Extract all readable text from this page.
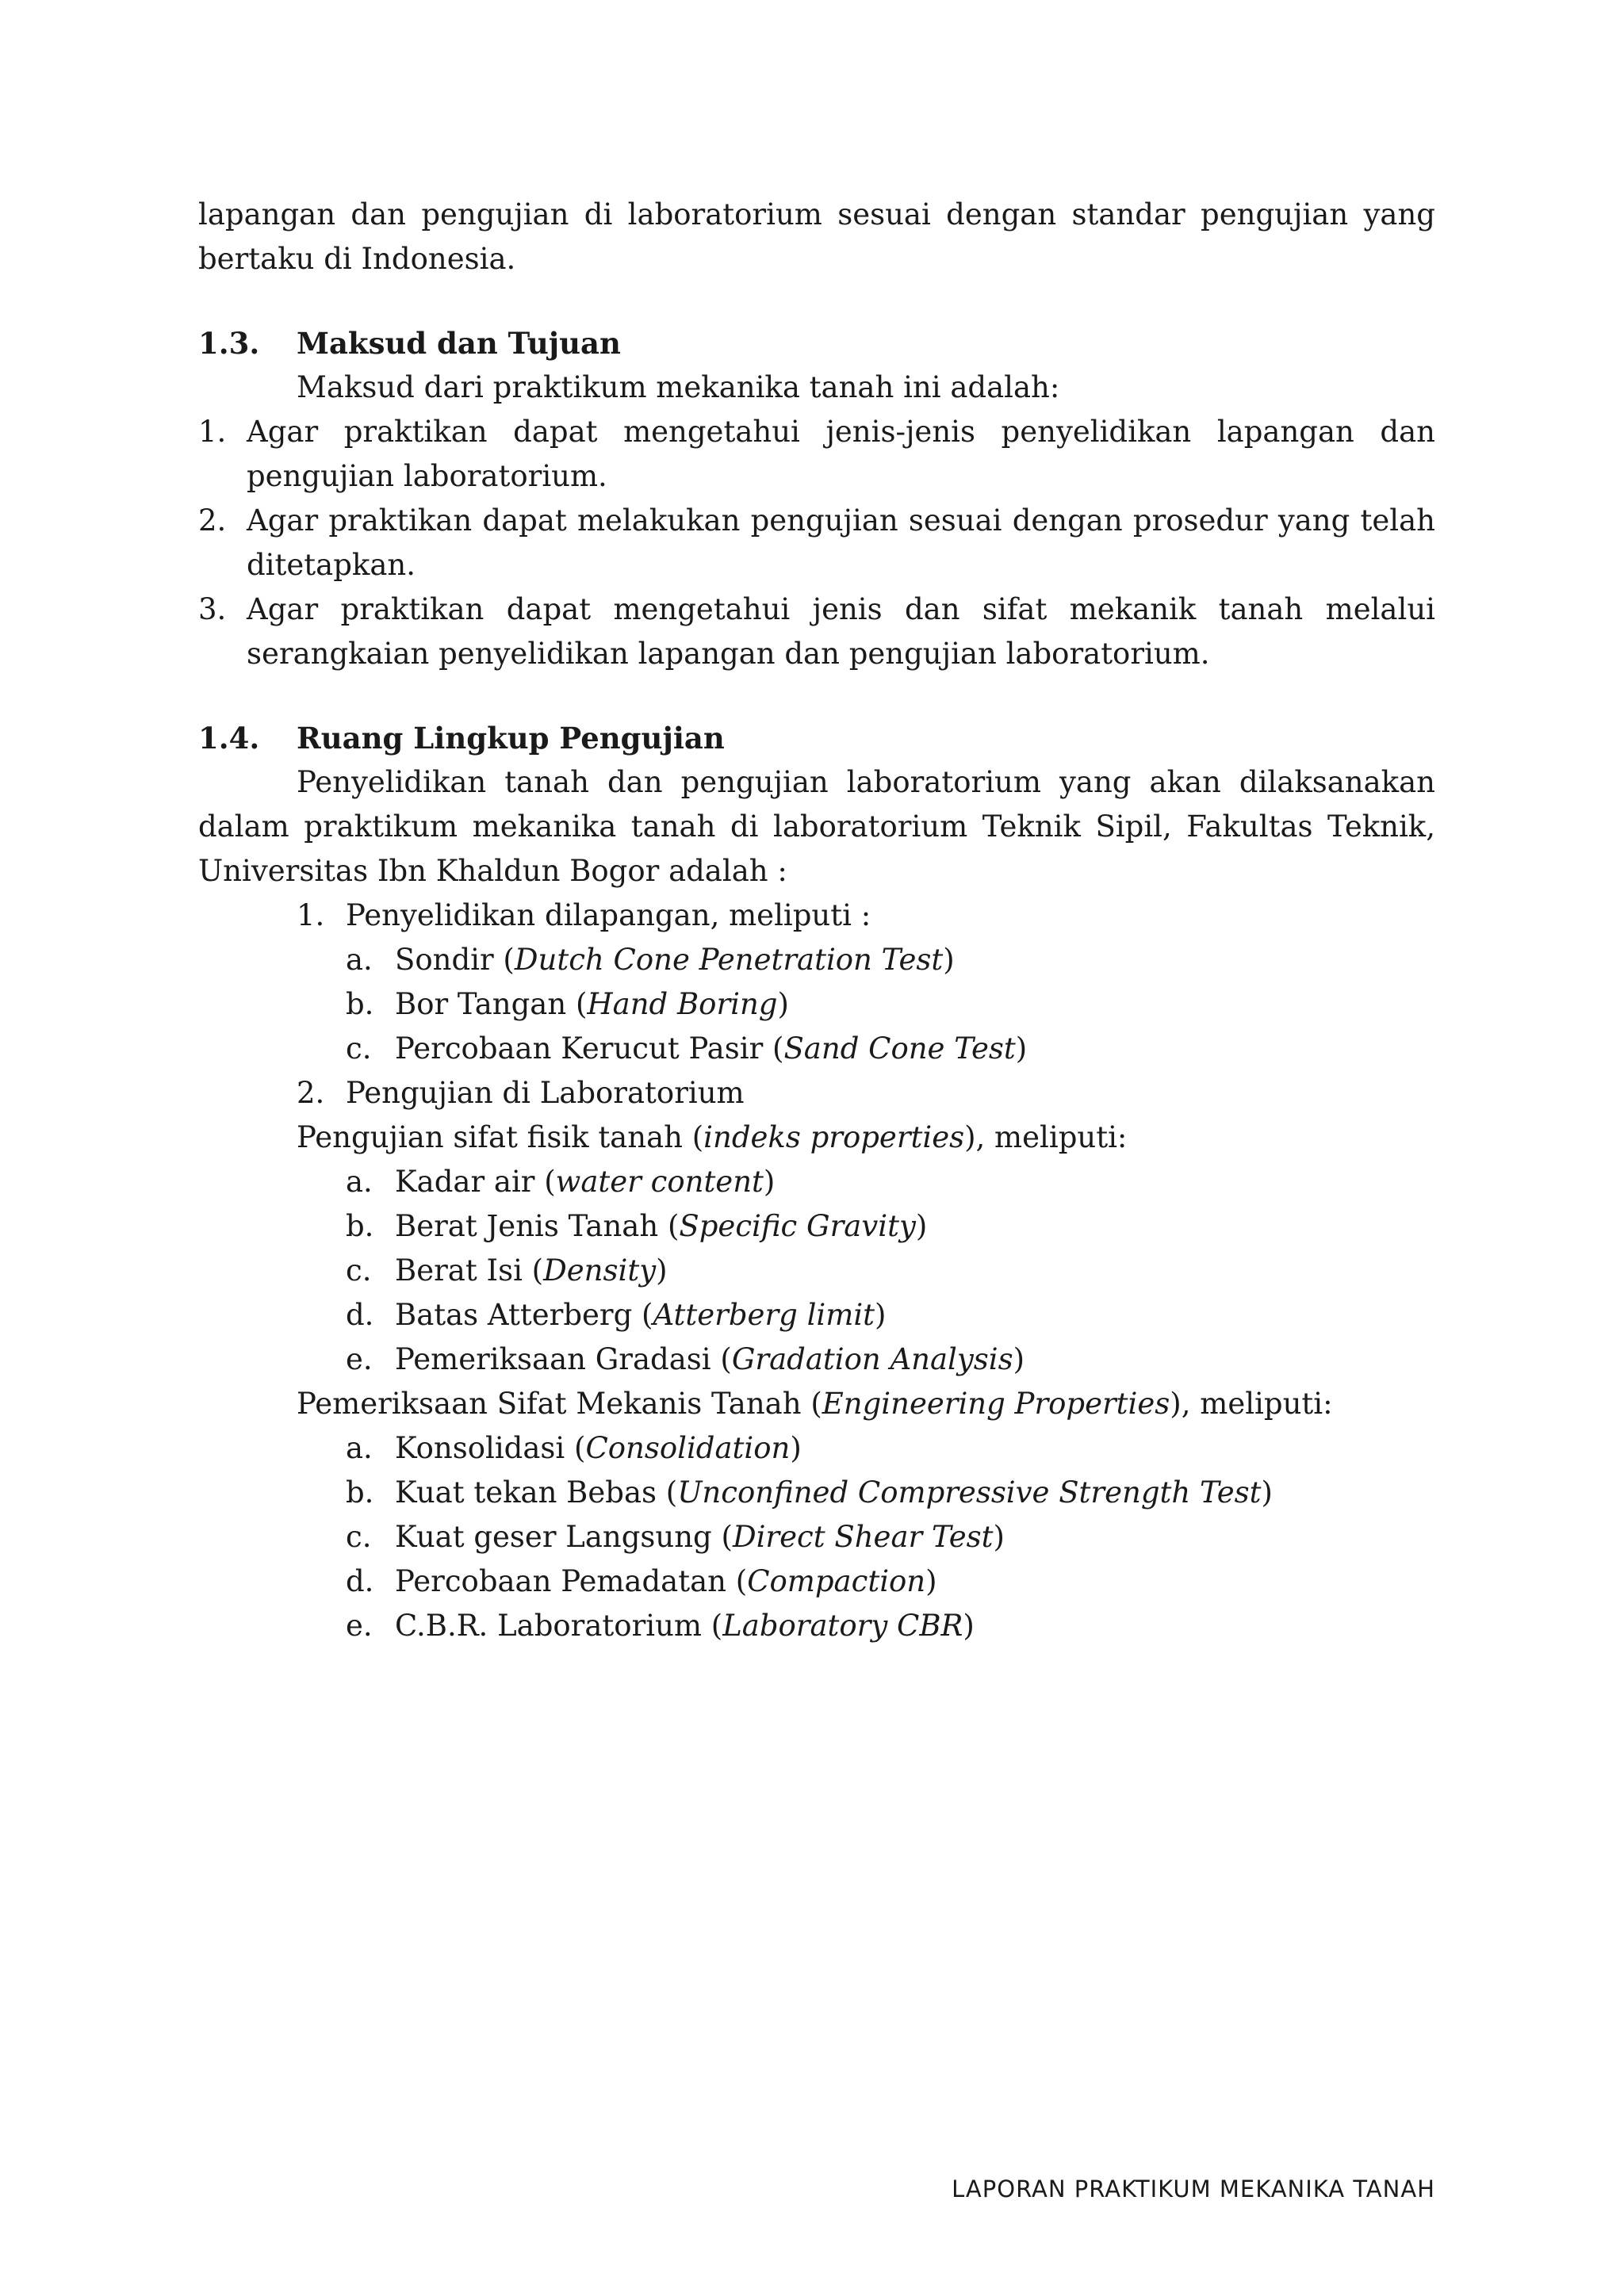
lapangan dan pengujian di laboratorium sesuai dengan standar pengujian yang bertaku di Indonesia.

1.3.	Maksud dan Tujuan

Maksud dari praktikum mekanika tanah ini adalah:

1. Agar praktikan dapat mengetahui jenis-jenis penyelidikan lapangan dan pengujian laboratorium.
2. Agar praktikan dapat melakukan pengujian sesuai dengan prosedur yang telah ditetapkan.
3. Agar praktikan dapat mengetahui jenis dan sifat mekanik tanah melalui serangkaian penyelidikan lapangan dan pengujian laboratorium.
1.4.	Ruang Lingkup Pengujian

Penyelidikan tanah dan pengujian laboratorium yang akan dilaksanakan dalam praktikum mekanika tanah di laboratorium Teknik Sipil, Fakultas Teknik, Universitas Ibn Khaldun Bogor adalah :

1. Penyelidikan dilapangan, meliputi :
a. Sondir (Dutch Cone Penetration Test)
b. Bor Tangan (Hand Boring)
c. Percobaan Kerucut Pasir (Sand Cone Test)
2. Pengujian di Laboratorium

Pengujian sifat fisik tanah (indeks properties), meliputi:

a. Kadar air (water content)
b. Berat Jenis Tanah (Specific Gravity)
c. Berat Isi (Density)
d. Batas Atterberg (Atterberg limit)
e. Pemeriksaan Gradasi (Gradation Analysis)

Pemeriksaan Sifat Mekanis Tanah (Engineering Properties), meliputi:

a. Konsolidasi (Consolidation)
b. Kuat tekan Bebas (Unconfined Compressive Strength Test)
c. Kuat geser Langsung (Direct Shear Test)
d. Percobaan Pemadatan (Compaction)
e. C.B.R. Laboratorium (Laboratory CBR)
LAPORAN PRAKTIKUM MEKANIKA TANAH
